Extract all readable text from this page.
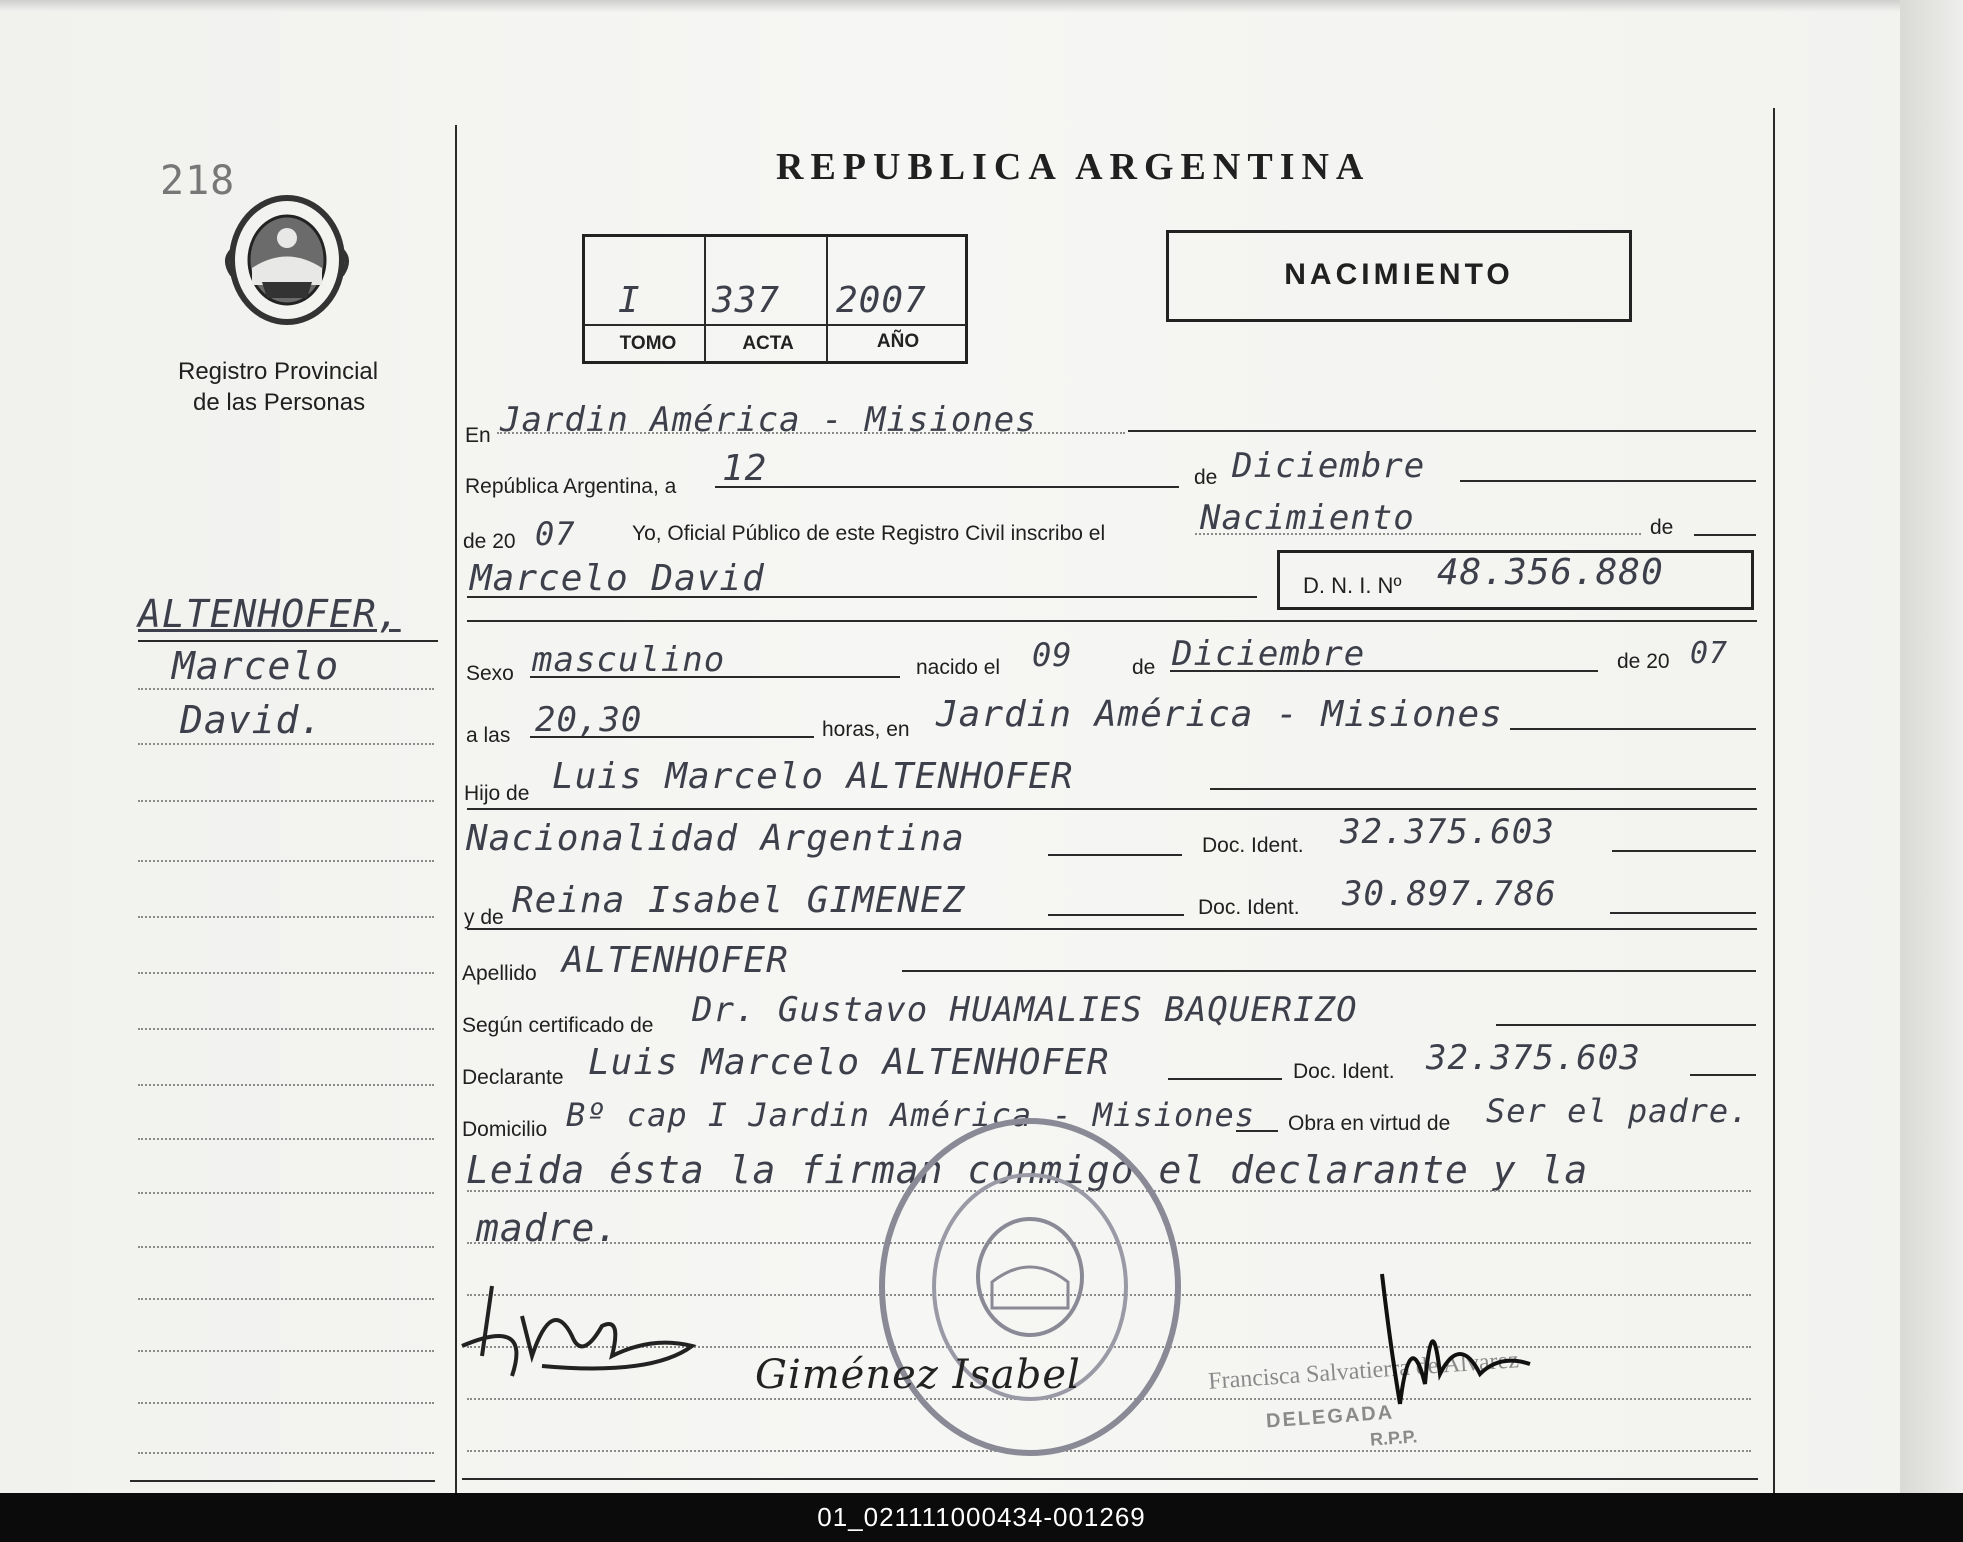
218
Registro Provincial
de las Personas
ALTENHOFER,
Marcelo
David.
REPUBLICA ARGENTINA
I 337 2007
TOMO	ACTA	AÑO
NACIMIENTO
En Jardin América - Misiones
República Argentina, a 12	de Diciembre
de 20 07	Yo, Oficial Público de este Registro Civil inscribo el	Nacimiento	de
Marcelo David	D. N. I. Nº 48.356.880
Sexo masculino	nacido el 09	de Diciembre	de 20 07
a las 20,30	horas, en Jardin América - Misiones
Hijo de Luis Marcelo ALTENHOFER
Nacionalidad Argentina	Doc. Ident. 32.375.603
y de Reina Isabel GIMENEZ	Doc. Ident. 30.897.786
Apellido ALTENHOFER
Según certificado de Dr. Gustavo HUAMALIES BAQUERIZO
Declarante Luis Marcelo ALTENHOFER	Doc. Ident. 32.375.603
Domicilio Bº cap I Jardin América - Misiones Obra en virtud de Ser el padre.
Leida ésta la firman conmigo el declarante y la
madre.
Giménez Isabel	Francisca Salvatierra de Alvarez
DELEGADA
R.P.P.
01_021111000434-001269
